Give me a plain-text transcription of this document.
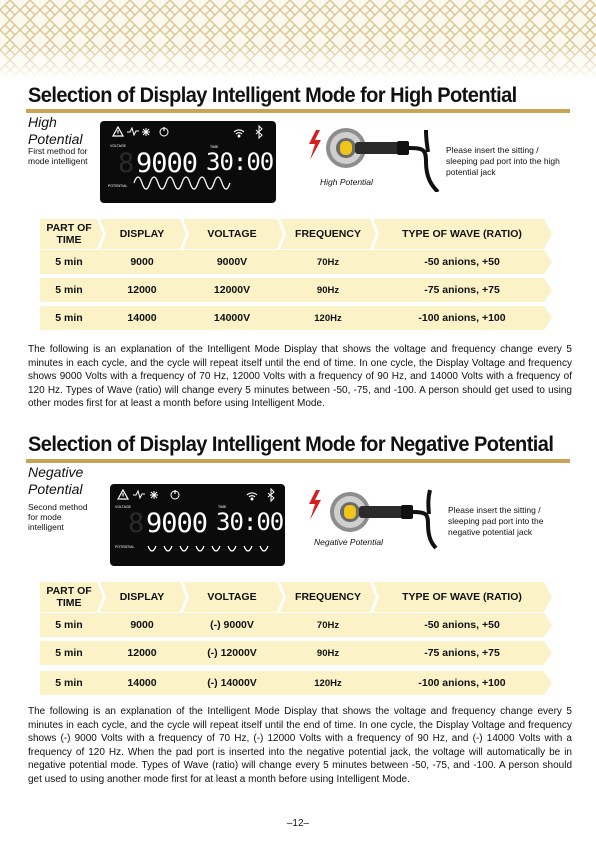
Selection of Display Intelligent Mode for High Potential
High
Potential
First method for mode intelligent
VOLTAGE	TIME
8 9000 30:00
POTENTIAL	High Potential
Please insert the sitting / sleeping pad port into the high potential jack
PART OF TIME	DISPLAY	VOLTAGE	FREQUENCY	TYPE OF WAVE (RATIO)
5 min	9000	9000V	70Hz	-50 anions, +50
5 min	12000	12000V	90Hz	-75 anions, +75
5 min	14000	14000V	120Hz	-100 anions, +100
The following is an explanation of the Intelligent Mode Display that shows the voltage and frequency change every 5 minutes in each cycle, and the cycle will repeat itself until the end of time. In one cycle, the Display Voltage and frequency shows 9000 Volts with a frequency of 70 Hz, 12000 Volts with a frequency of 90 Hz, and 14000 Volts with a frequency of 120 Hz. Types of Wave (ratio) will change every 5 minutes between -50, -75, and -100. A person should get used to using other modes first for at least a month before using Intelligent Mode.
Selection of Display Intelligent Mode for Negative Potential
Negative
Potential
Second method for mode intelligent
VOLTAGE	TIME
8 9000 30:00
POTENTIAL	Negative Potential
Please insert the sitting / sleeping pad port into the negative potential jack
PART OF TIME	DISPLAY	VOLTAGE	FREQUENCY	TYPE OF WAVE (RATIO)
5 min	9000	(-) 9000V	70Hz	-50 anions, +50
5 min	12000	(-) 12000V	90Hz	-75 anions, +75
5 min	14000	(-) 14000V	120Hz	-100 anions, +100
The following is an explanation of the Intelligent Mode Display that shows the voltage and frequency change every 5 minutes in each cycle, and the cycle will repeat itself until the end of time. In one cycle, the Display Voltage and frequency shows (-) 9000 Volts with a frequency of 70 Hz, (-) 12000 Volts with a frequency of 90 Hz, and (-) 14000 Volts with a frequency of 120 Hz. When the pad port is inserted into the negative potential jack, the voltage will automatically be in negative potential mode. Types of Wave (ratio) will change every 5 minutes between -50, -75, and -100. A person should get used to using another mode first for at least a month before using Intelligent Mode.
–12–
